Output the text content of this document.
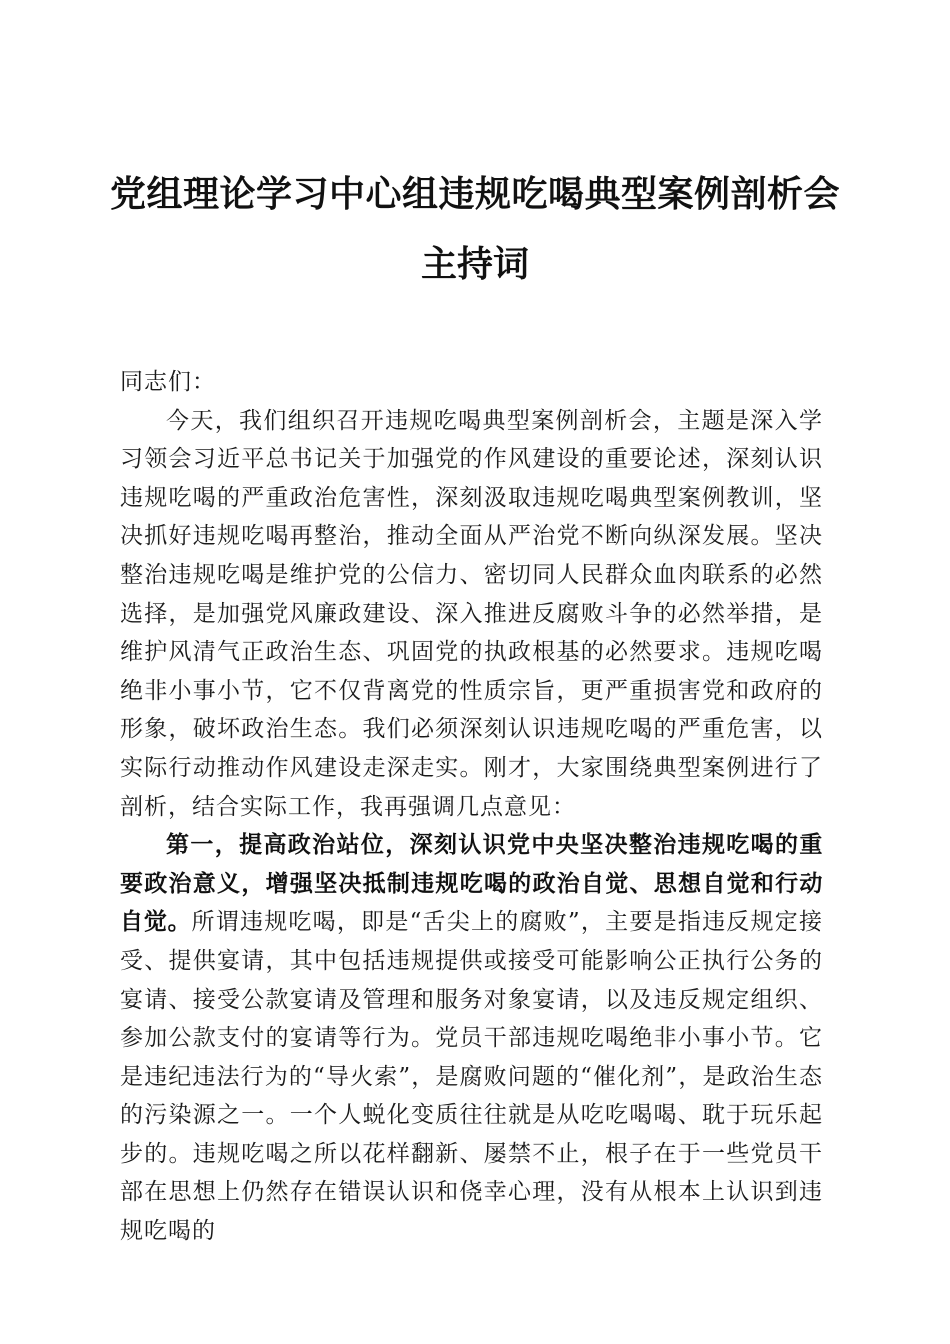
党组理论学习中心组违规吃喝典型案例剖析会
主持词

同志们：

今天，我们组织召开违规吃喝典型案例剖析会，主题是深入学习领会习近平总书记关于加强党的作风建设的重要论述，深刻认识违规吃喝的严重政治危害性，深刻汲取违规吃喝典型案例教训，坚决抓好违规吃喝再整治，推动全面从严治党不断向纵深发展。坚决整治违规吃喝是维护党的公信力、密切同人民群众血肉联系的必然选择，是加强党风廉政建设、深入推进反腐败斗争的必然举措，是维护风清气正政治生态、巩固党的执政根基的必然要求。违规吃喝绝非小事小节，它不仅背离党的性质宗旨，更严重损害党和政府的形象，破坏政治生态。我们必须深刻认识违规吃喝的严重危害，以实际行动推动作风建设走深走实。刚才，大家围绕典型案例进行了剖析，结合实际工作，我再强调几点意见：

第一，提高政治站位，深刻认识党中央坚决整治违规吃喝的重要政治意义，增强坚决抵制违规吃喝的政治自觉、思想自觉和行动自觉。所谓违规吃喝，即是“舌尖上的腐败”，主要是指违反规定接受、提供宴请，其中包括违规提供或接受可能影响公正执行公务的宴请、接受公款宴请及管理和服务对象宴请，以及违反规定组织、参加公款支付的宴请等行为。党员干部违规吃喝绝非小事小节。它是违纪违法行为的“导火索”，是腐败问题的“催化剂”，是政治生态的污染源之一。一个人蜕化变质往往就是从吃吃喝喝、耽于玩乐起步的。违规吃喝之所以花样翻新、屡禁不止，根子在于一些党员干部在思想上仍然存在错误认识和侥幸心理，没有从根本上认识到违规吃喝的
